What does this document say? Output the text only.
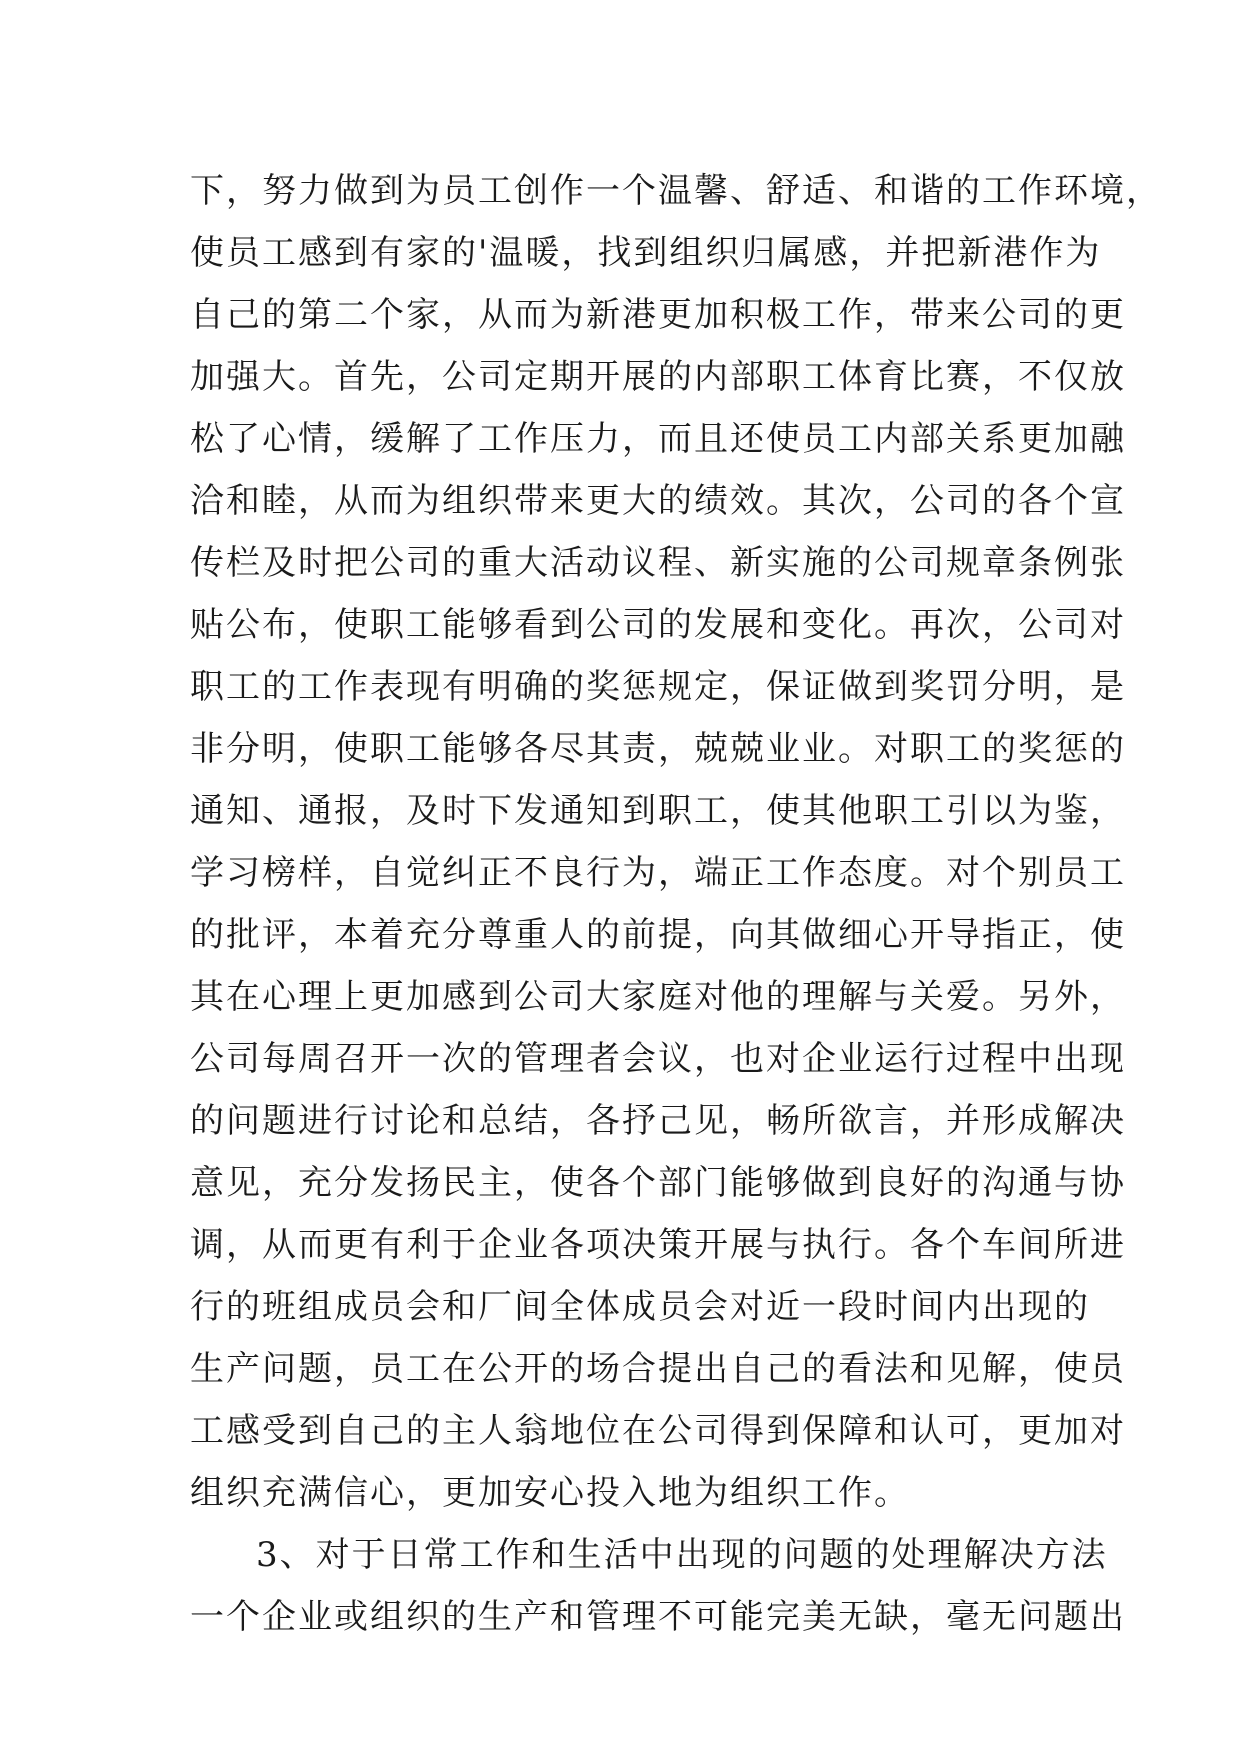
下，努力做到为员工创作一个温馨、舒适、和谐的工作环境，
使员工感到有家的'温暖，找到组织归属感，并把新港作为
自己的第二个家，从而为新港更加积极工作，带来公司的更
加强大。首先，公司定期开展的内部职工体育比赛，不仅放
松了心情，缓解了工作压力，而且还使员工内部关系更加融
洽和睦，从而为组织带来更大的绩效。其次，公司的各个宣
传栏及时把公司的重大活动议程、新实施的公司规章条例张
贴公布，使职工能够看到公司的发展和变化。再次，公司对
职工的工作表现有明确的奖惩规定，保证做到奖罚分明，是
非分明，使职工能够各尽其责，兢兢业业。对职工的奖惩的
通知、通报，及时下发通知到职工，使其他职工引以为鉴，
学习榜样，自觉纠正不良行为，端正工作态度。对个别员工
的批评，本着充分尊重人的前提，向其做细心开导指正，使
其在心理上更加感到公司大家庭对他的理解与关爱。另外，
公司每周召开一次的管理者会议，也对企业运行过程中出现
的问题进行讨论和总结，各抒己见，畅所欲言，并形成解决
意见，充分发扬民主，使各个部门能够做到良好的沟通与协
调，从而更有利于企业各项决策开展与执行。各个车间所进
行的班组成员会和厂间全体成员会对近一段时间内出现的
生产问题，员工在公开的场合提出自己的看法和见解，使员
工感受到自己的主人翁地位在公司得到保障和认可，更加对
组织充满信心，更加安心投入地为组织工作。
3、对于日常工作和生活中出现的问题的处理解决方法
一个企业或组织的生产和管理不可能完美无缺，毫无问题出
